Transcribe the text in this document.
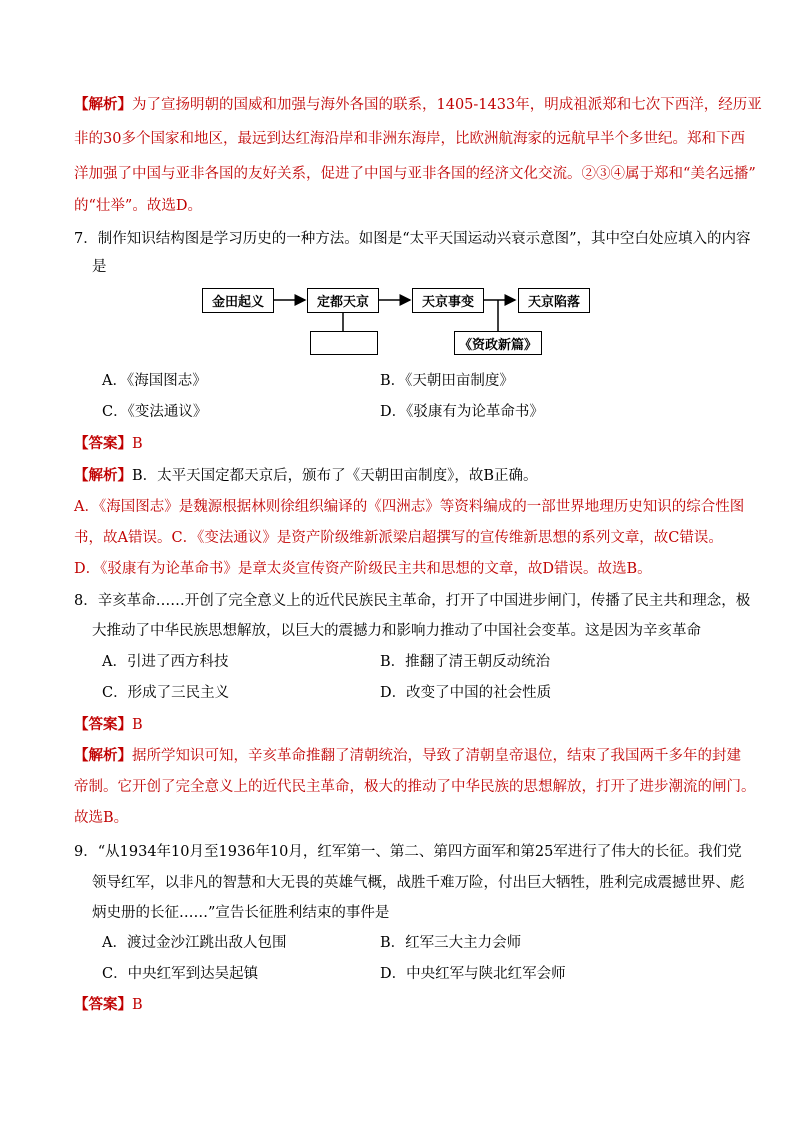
【解析】为了宣扬明朝的国威和加强与海外各国的联系，1405-1433年，明成祖派郑和七次下西洋，经历亚
非的30多个国家和地区，最远到达红海沿岸和非洲东海岸，比欧洲航海家的远航早半个多世纪。郑和下西
洋加强了中国与亚非各国的友好关系，促进了中国与亚非各国的经济文化交流。②③④属于郑和“美名远播”
的“壮举”。故选D。
7．制作知识结构图是学习历史的一种方法。如图是“太平天国运动兴衰示意图”，其中空白处应填入的内容
是
金田起义	定都天京	天京事变	天京陷落
《资政新篇》
A．《海国图志》	B．《天朝田亩制度》
C．《变法通议》	D．《驳康有为论革命书》
【答案】B
【解析】B．太平天国定都天京后，颁布了《天朝田亩制度》，故B正确。
A．《海国图志》是魏源根据林则徐组织编译的《四洲志》等资料编成的一部世界地理历史知识的综合性图
书，故A错误。C．《变法通议》是资产阶级维新派梁启超撰写的宣传维新思想的系列文章，故C错误。
D．《驳康有为论革命书》是章太炎宣传资产阶级民主共和思想的文章，故D错误。故选B。
8．辛亥革命……开创了完全意义上的近代民族民主革命，打开了中国进步闸门，传播了民主共和理念，极
大推动了中华民族思想解放，以巨大的震撼力和影响力推动了中国社会变革。这是因为辛亥革命
A．引进了西方科技	B．推翻了清王朝反动统治
C．形成了三民主义	D．改变了中国的社会性质
【答案】B
【解析】据所学知识可知，辛亥革命推翻了清朝统治，导致了清朝皇帝退位，结束了我国两千多年的封建
帝制。它开创了完全意义上的近代民主革命，极大的推动了中华民族的思想解放，打开了进步潮流的闸门。
故选B。
9．“从1934年10月至1936年10月，红军第一、第二、第四方面军和第25军进行了伟大的长征。我们党
领导红军，以非凡的智慧和大无畏的英雄气概，战胜千难万险，付出巨大牺牲，胜利完成震撼世界、彪
炳史册的长征……”宣告长征胜利结束的事件是
A．渡过金沙江跳出敌人包围	B．红军三大主力会师
C．中央红军到达吴起镇	D．中央红军与陕北红军会师
【答案】B
